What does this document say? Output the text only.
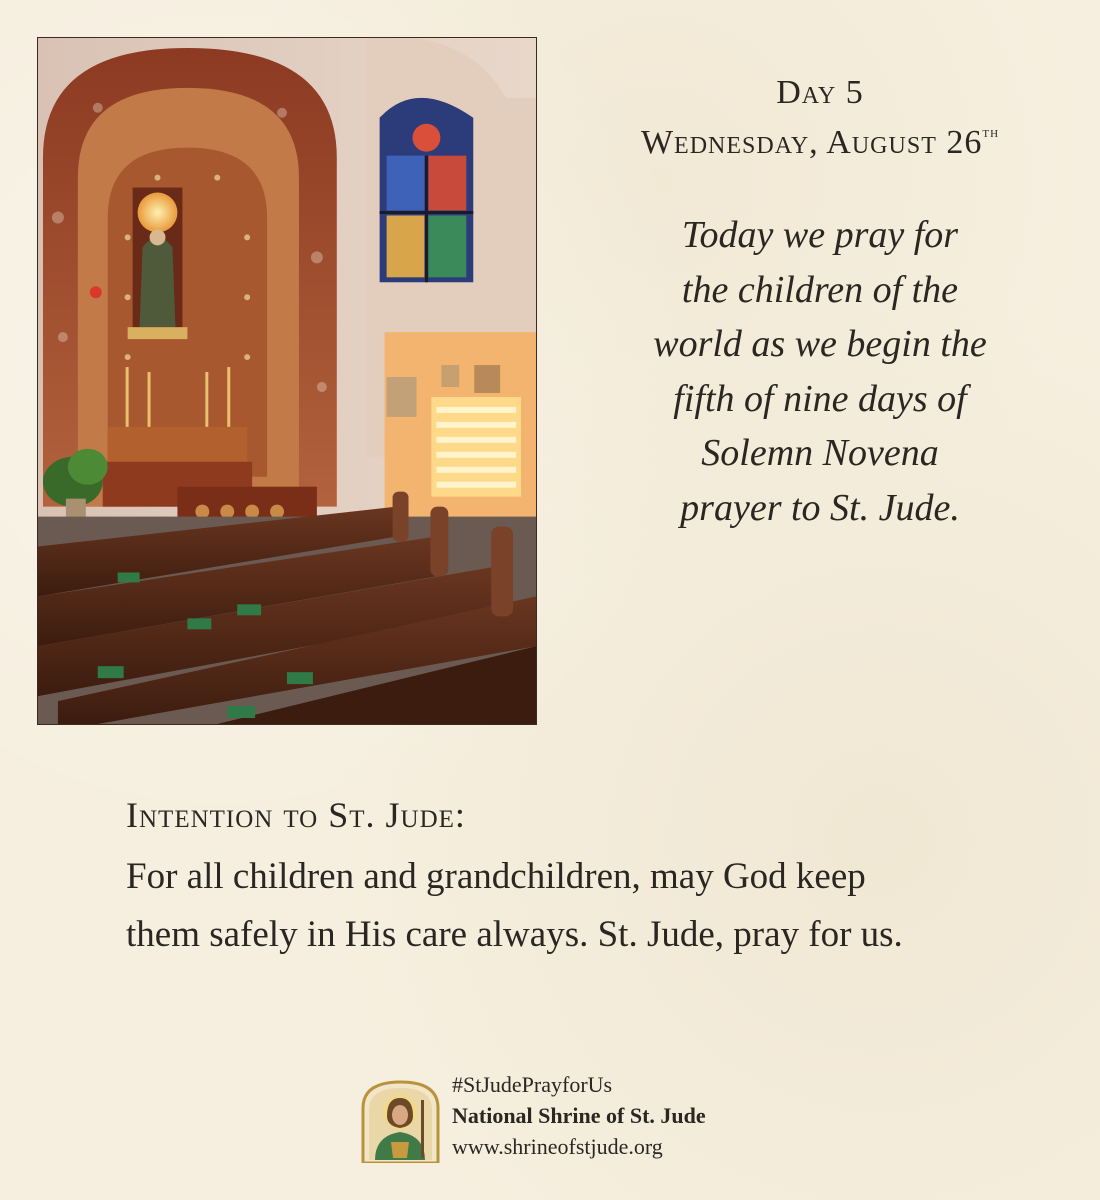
Day 5
Wednesday, August 26th

Today we pray for
the children of the
world as we begin the
fifth of nine days of
Solemn Novena
prayer to St. Jude.

Intention to St. Jude:

For all children and grandchildren, may God keep
them safely in His care always. St. Jude, pray for us.

#StJudePrayforUs
National Shrine of St. Jude
www.shrineofstjude.org
